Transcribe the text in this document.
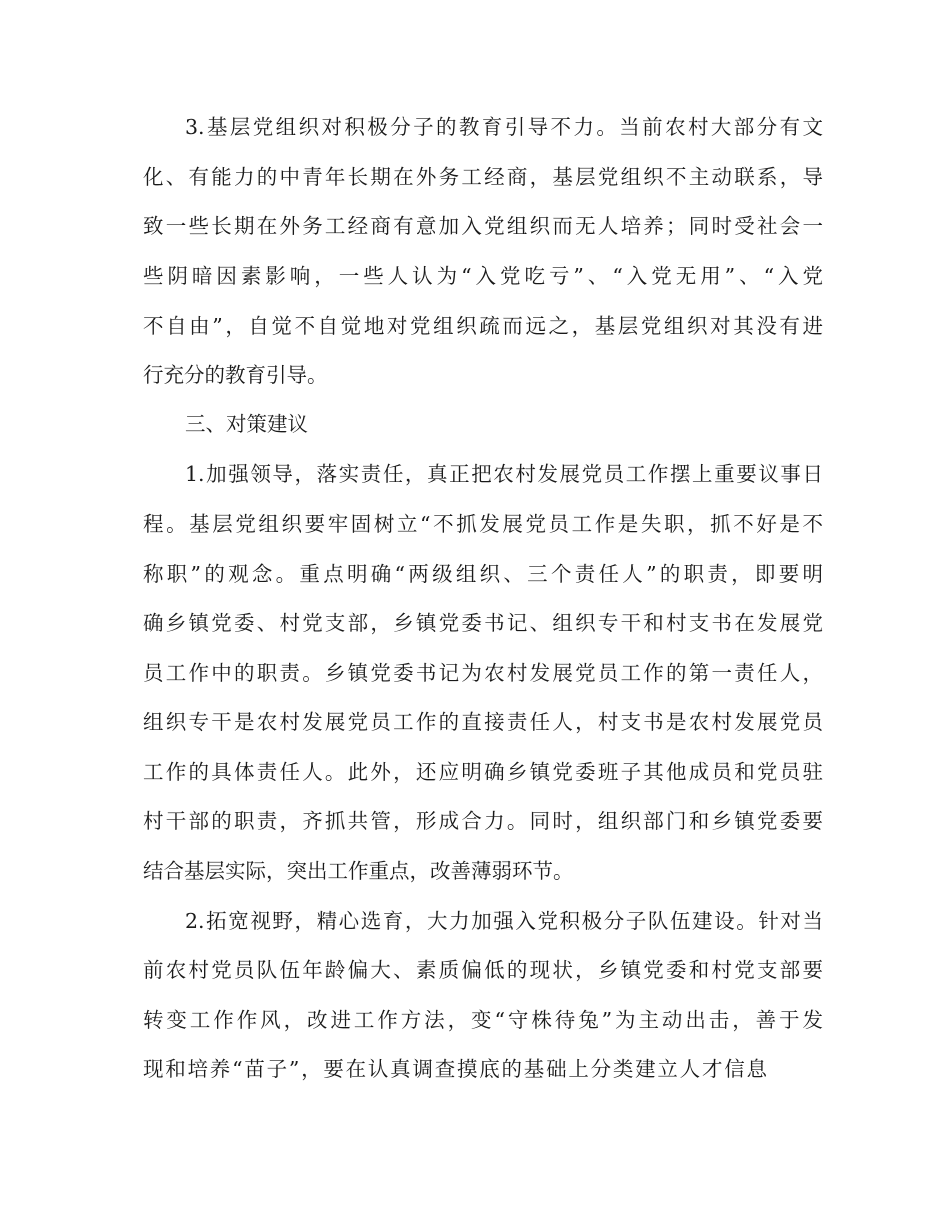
3.基层党组织对积极分子的教育引导不力。当前农村大部分有文
化、有能力的中青年长期在外务工经商，基层党组织不主动联系，导
致一些长期在外务工经商有意加入党组织而无人培养；同时受社会一
些阴暗因素影响，一些人认为“入党吃亏”、“入党无用”、“入党
不自由”，自觉不自觉地对党组织疏而远之，基层党组织对其没有进
行充分的教育引导。
三、对策建议
1.加强领导，落实责任，真正把农村发展党员工作摆上重要议事日
程。基层党组织要牢固树立“不抓发展党员工作是失职，抓不好是不
称职”的观念。重点明确“两级组织、三个责任人”的职责，即要明
确乡镇党委、村党支部，乡镇党委书记、组织专干和村支书在发展党
员工作中的职责。乡镇党委书记为农村发展党员工作的第一责任人，
组织专干是农村发展党员工作的直接责任人，村支书是农村发展党员
工作的具体责任人。此外，还应明确乡镇党委班子其他成员和党员驻
村干部的职责，齐抓共管，形成合力。同时，组织部门和乡镇党委要
结合基层实际，突出工作重点，改善薄弱环节。
2.拓宽视野，精心选育，大力加强入党积极分子队伍建设。针对当
前农村党员队伍年龄偏大、素质偏低的现状，乡镇党委和村党支部要
转变工作作风，改进工作方法，变“守株待兔”为主动出击，善于发
现和培养“苗子”，要在认真调查摸底的基础上分类建立人才信息
